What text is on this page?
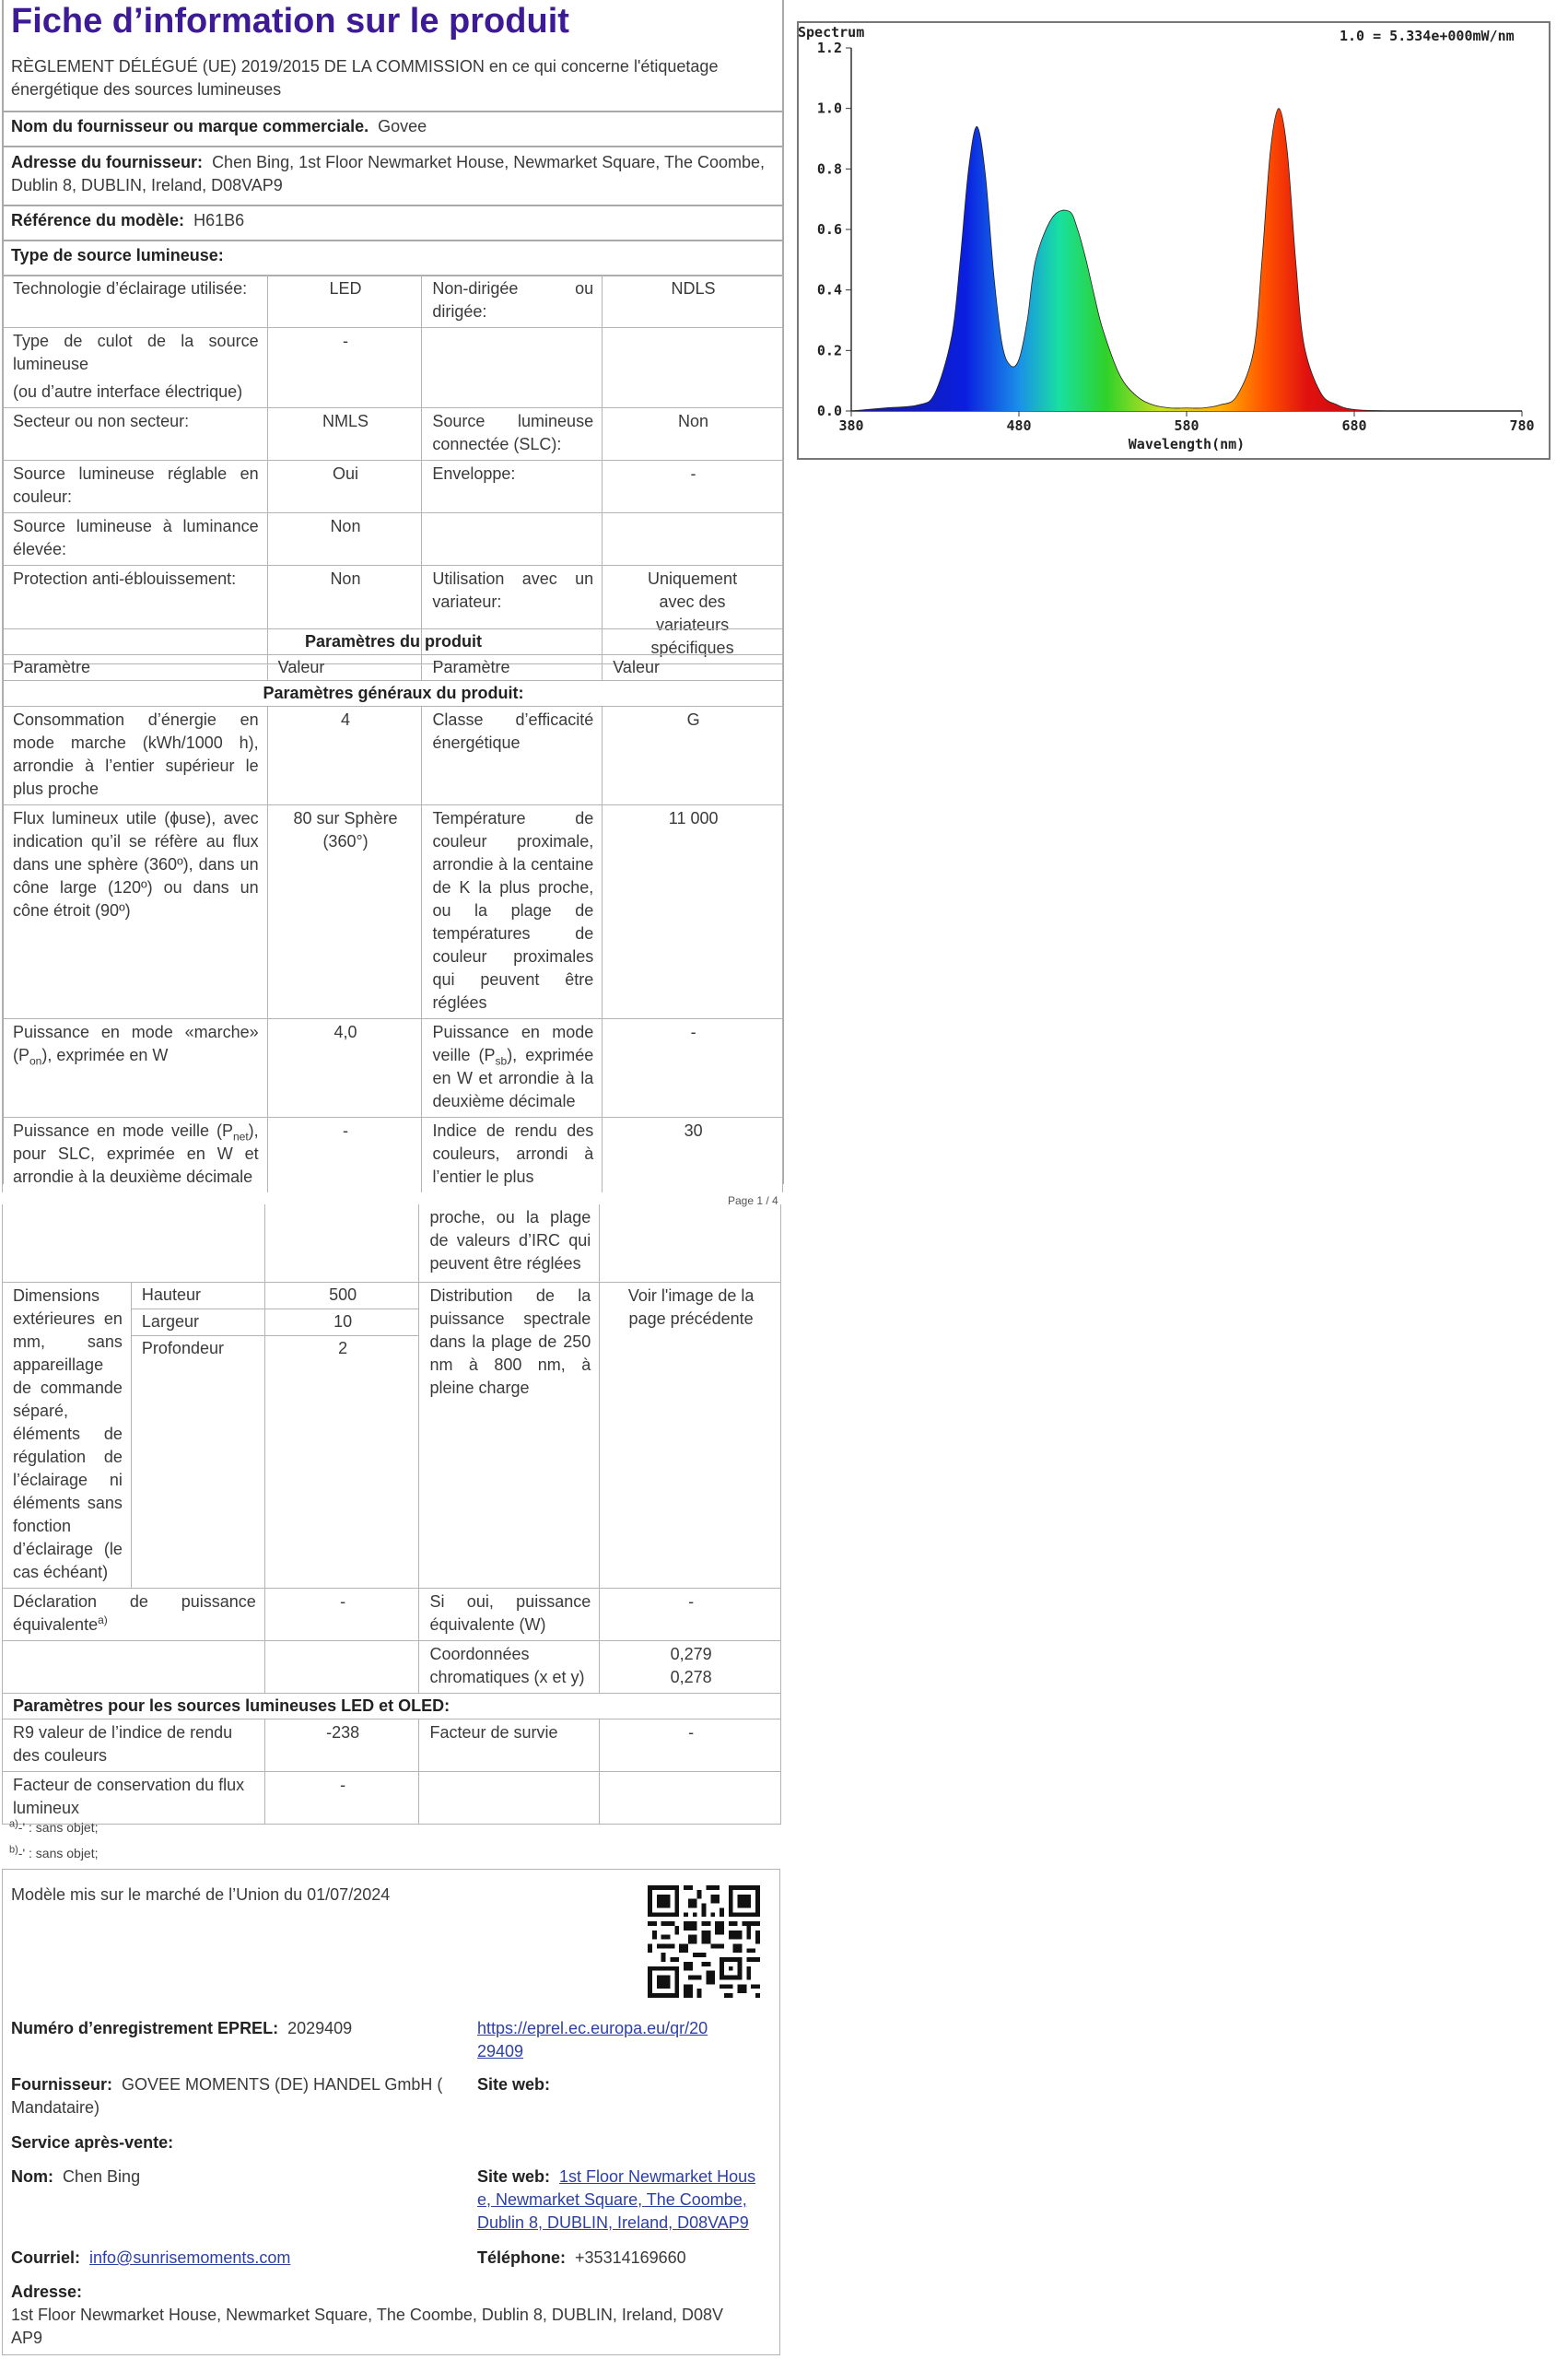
Fiche d’information sur le produit
RÈGLEMENT DÉLÉGUÉ (UE) 2019/2015 DE LA COMMISSION en ce qui concerne l'étiquetage énergétique des sources lumineuses
Nom du fournisseur ou marque commerciale. Govee
Adresse du fournisseur: Chen Bing, 1st Floor Newmarket House, Newmarket Square, The Coombe, Dublin 8, DUBLIN, Ireland, D08VAP9
Référence du modèle: H61B6
Type de source lumineuse:
Technologie d’éclairage utilisée:	LED	Non-dirigée ou dirigée:	NDLS

Type de culot de la source lumineuse
(ou d’autre interface électrique)	-		
Secteur ou non secteur:	NMLS	Source lumineuse connectée (SLC):	Non
Source lumineuse réglable en couleur:	Oui	Enveloppe:	-
Source lumineuse à luminance élevée:	Non		
Protection anti-éblouissement:	Non	Utilisation avec un variateur:	Uniquement avec des variateurs spécifiques
Paramètres du produit			
Paramètre	Valeur	Paramètre	Valeur
Paramètres généraux du produit:			
Consommation d’énergie en mode marche (kWh/1000 h), arrondie à l’entier supérieur le plus proche	4	Classe d’efficacité énergétique	G
Flux lumineux utile (ɸuse), avec indication qu’il se réfère au flux dans une sphère (360º), dans un cône large (120º) ou dans un cône étroit (90º)	80 sur Sphère (360°)	Température de couleur proximale, arrondie à la centaine de K la plus proche, ou la plage de températures de couleur proximales qui peuvent être réglées	11 000
Puissance en mode «marche» $(P_{on})$, exprimée en W	4,0	Puissance en mode veille $(P_{sb})$, exprimée en W et arrondie à la deuxième décimale	-
Puissance en mode veille $(P_{net})$, pour SLC, exprimée en W et arrondie à la deuxième décimale	-	Indice de rendu des couleurs, arrondi à l’entier le plus	30
Page 1 / 4
Spectrum	1.0 = 5.334e+000mW/nm
0.0
0.2
0.4
0.6
0.8
1.0
1.2
380	480	580	680	780
Wavelength(nm)
			proche, ou la plage de valeurs d’IRC qui peuvent être réglées	
Dimensions extérieures en mm, sans appareillage de commande séparé, éléments de régulation de l’éclairage ni éléments sans fonction d’éclairage (le cas échéant)	Hauteur	500	Distribution de la puissance spectrale dans la plage de 250 nm à 800 nm, à pleine charge	Voir l'image de la page précédente
	Largeur	10		
	Profondeur	2		
Déclaration de puissance équivalente$^{a)}$		-	Si oui, puissance équivalente (W)	-
			Coordonnées chromatiques (x et y)	0,279
0,278

Paramètres pour les sources lumineuses LED et OLED:				
R9 valeur de l’indice de rendu des couleurs		-238	Facteur de survie	-
Facteur de conservation du flux lumineux		-		
$^{a)}$-' : sans objet;
$^{b)}$-' : sans objet;
Modèle mis sur le marché de l’Union du 01/07/2024
Numéro d’enregistrement EPREL: 2029409	https://eprel.ec.europa.eu/qr/20
29409
Fournisseur: GOVEE MOMENTS (DE) HANDEL GmbH (
Mandataire)
Site web:
Service après-vente:
Nom: Chen Bing	Site web: 1st Floor Newmarket Hous
e, Newmarket Square, The Coombe,
Dublin 8, DUBLIN, Ireland, D08VAP9
Courriel: info@sunrisemoments.com	Téléphone: +35314169660
Adresse:
1st Floor Newmarket House, Newmarket Square, The Coombe, Dublin 8, DUBLIN, Ireland, D08V
AP9
